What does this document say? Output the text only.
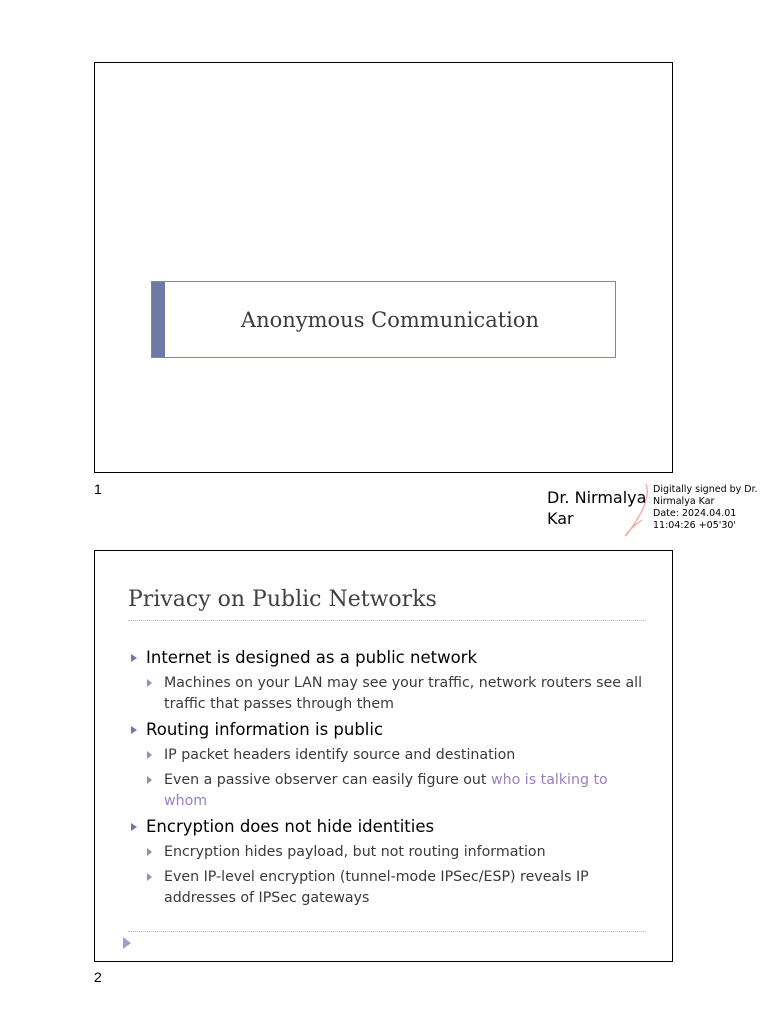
Anonymous Communication
1	Dr. Nirmalya Kar
Digitally signed by Dr.
Nirmalya Kar
Date: 2024.04.01
11:04:26 +05'30'
Privacy on Public Networks
Internet is designed as a public network
Machines on your LAN may see your traffic, network routers see all traffic that passes through them
Routing information is public
IP packet headers identify source and destination
Even a passive observer can easily figure out who is talking to whom
Encryption does not hide identities
Encryption hides payload, but not routing information
Even IP-level encryption (tunnel-mode IPSec/ESP) reveals IP addresses of IPSec gateways
2
